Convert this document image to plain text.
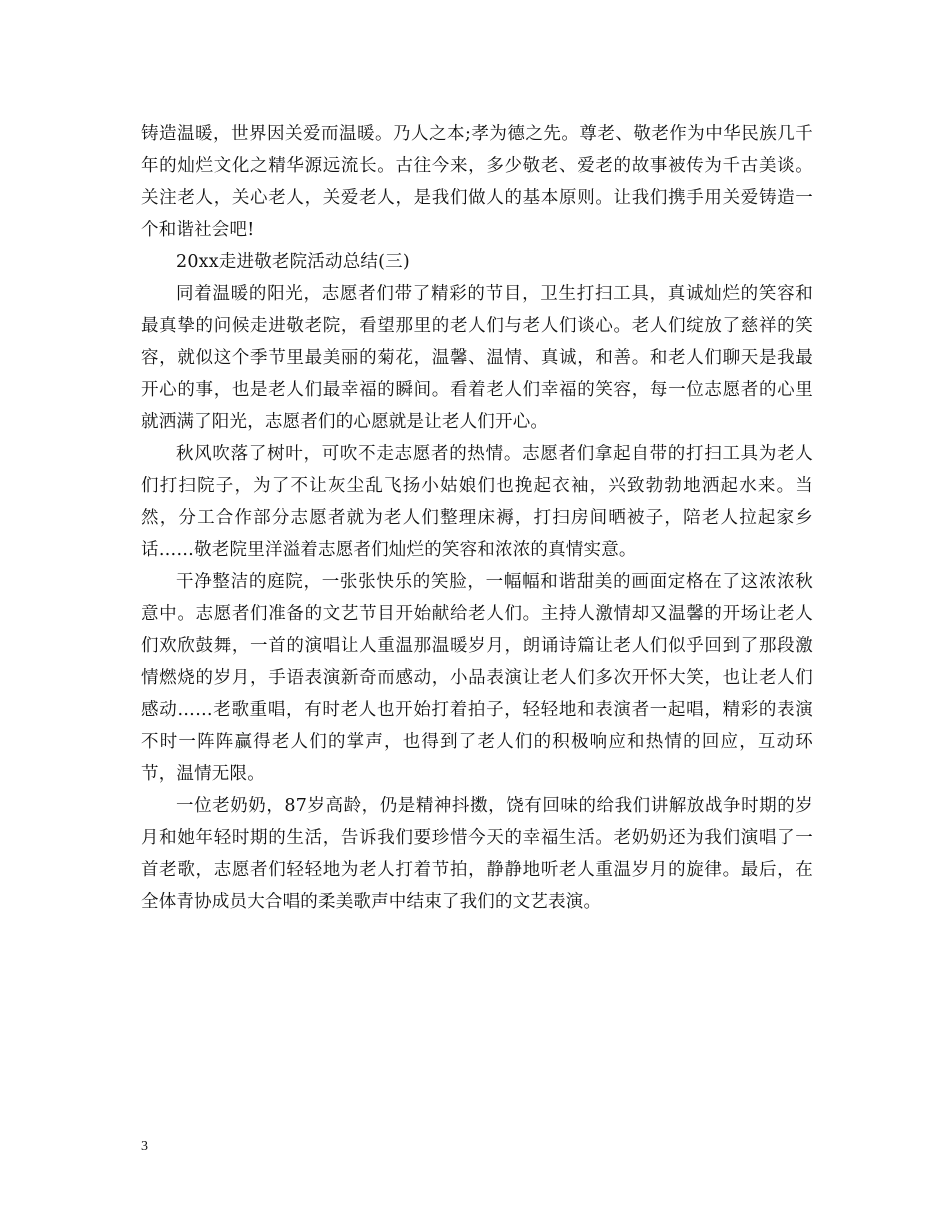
铸造温暖，世界因关爱而温暖。乃人之本;孝为德之先。尊老、敬老作为中华民族几千年的灿烂文化之精华源远流长。古往今来，多少敬老、爱老的故事被传为千古美谈。关注老人，关心老人，关爱老人，是我们做人的基本原则。让我们携手用关爱铸造一个和谐社会吧!

20xx走进敬老院活动总结(三)

同着温暖的阳光，志愿者们带了精彩的节目，卫生打扫工具，真诚灿烂的笑容和最真挚的问候走进敬老院，看望那里的老人们与老人们谈心。老人们绽放了慈祥的笑容，就似这个季节里最美丽的菊花，温馨、温情、真诚，和善。和老人们聊天是我最开心的事，也是老人们最幸福的瞬间。看着老人们幸福的笑容，每一位志愿者的心里就洒满了阳光，志愿者们的心愿就是让老人们开心。

秋风吹落了树叶，可吹不走志愿者的热情。志愿者们拿起自带的打扫工具为老人们打扫院子，为了不让灰尘乱飞扬小姑娘们也挽起衣袖，兴致勃勃地洒起水来。当然，分工合作部分志愿者就为老人们整理床褥，打扫房间晒被子，陪老人拉起家乡话……敬老院里洋溢着志愿者们灿烂的笑容和浓浓的真情实意。

干净整洁的庭院，一张张快乐的笑脸，一幅幅和谐甜美的画面定格在了这浓浓秋意中。志愿者们准备的文艺节目开始献给老人们。主持人激情却又温馨的开场让老人们欢欣鼓舞，一首的演唱让人重温那温暖岁月，朗诵诗篇让老人们似乎回到了那段激情燃烧的岁月，手语表演新奇而感动，小品表演让老人们多次开怀大笑，也让老人们感动……老歌重唱，有时老人也开始打着拍子，轻轻地和表演者一起唱，精彩的表演不时一阵阵赢得老人们的掌声，也得到了老人们的积极响应和热情的回应，互动环节，温情无限。

一位老奶奶，87岁高龄，仍是精神抖擞，饶有回味的给我们讲解放战争时期的岁月和她年轻时期的生活，告诉我们要珍惜今天的幸福生活。老奶奶还为我们演唱了一首老歌，志愿者们轻轻地为老人打着节拍，静静地听老人重温岁月的旋律。最后，在全体青协成员大合唱的柔美歌声中结束了我们的文艺表演。

3
